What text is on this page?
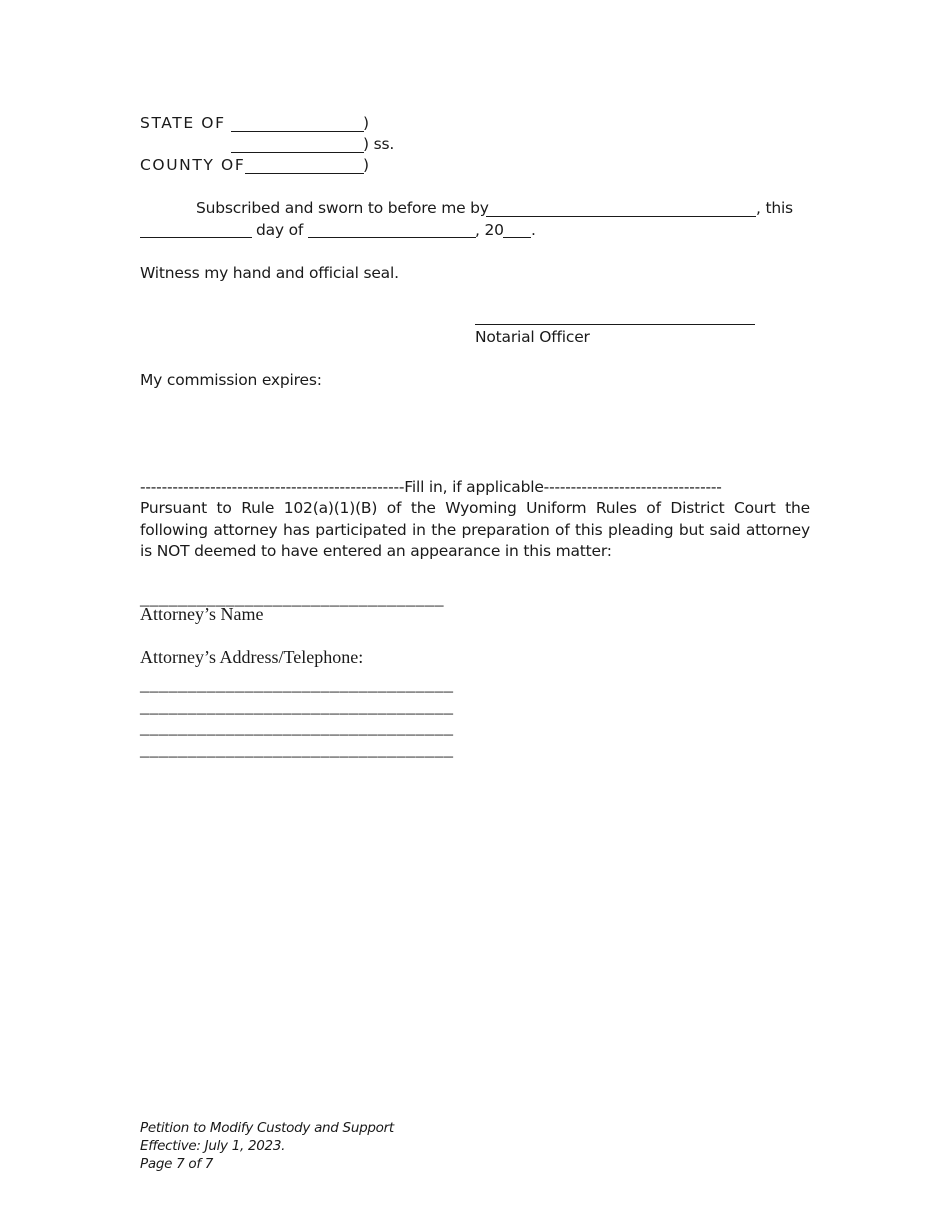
STATE OF	)
) ss.
COUNTY OF	)
Subscribed and sworn to before me by	, this
day of	, 20 .
Witness my hand and official seal.
Notarial Officer
My commission expires:
-------------------------------------------------Fill in, if applicable---------------------------------
Pursuant to Rule 102(a)(1)(B) of the Wyoming Uniform Rules of District Court the following attorney has participated in the preparation of this pleading but said attorney is NOT deemed to have entered an appearance in this matter:
________________________________
Attorney’s Name
Attorney’s Address/Telephone:
_________________________________
_________________________________
_________________________________
_________________________________
Petition to Modify Custody and Support
Effective: July 1, 2023.
Page 7 of 7
